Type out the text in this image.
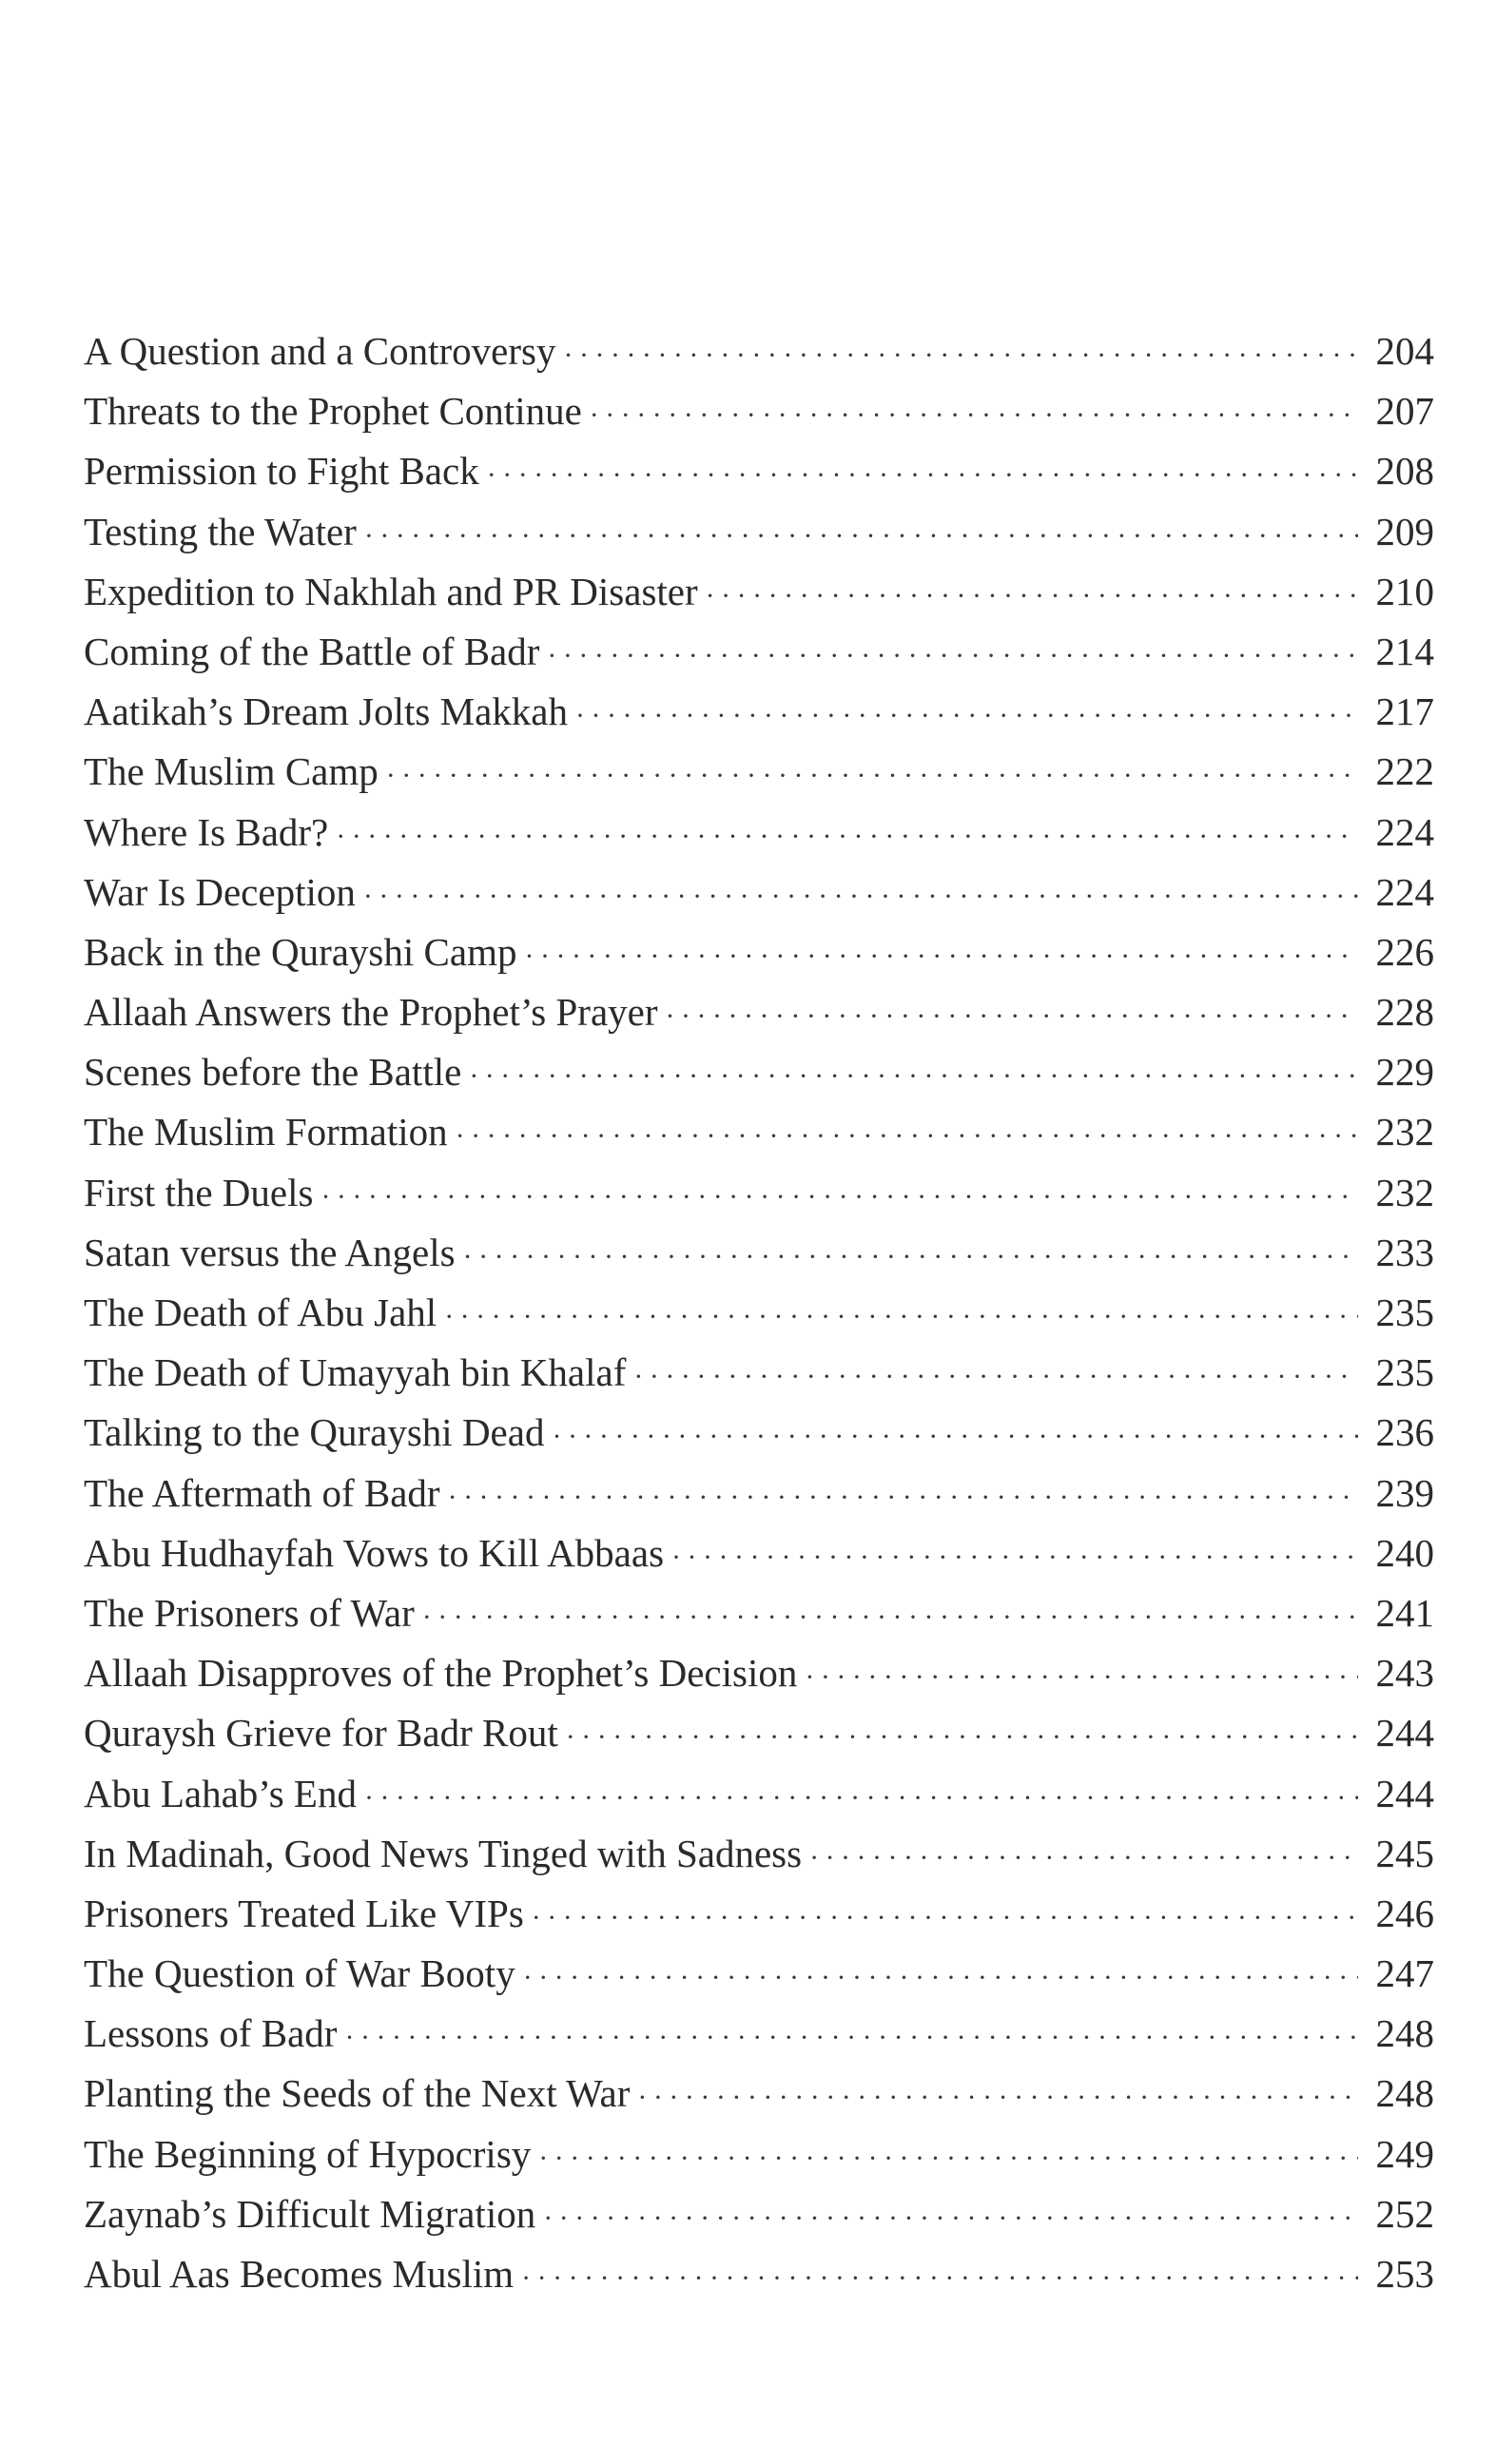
A Question and a Controversy ·····	204
Threats to the Prophet Continue ·····	207
Permission to Fight Back ·····	208
Testing the Water ·····	209
Expedition to Nakhlah and PR Disaster ·····	210
Coming of the Battle of Badr ·····	214
Aatikah’s Dream Jolts Makkah ·····	217
The Muslim Camp ·····	222
Where Is Badr? ·····	224
War Is Deception ·····	224
Back in the Qurayshi Camp ·····	226
Allaah Answers the Prophet’s Prayer ·····	228
Scenes before the Battle ·····	229
The Muslim Formation ·····	232
First the Duels ·····	232
Satan versus the Angels ·····	233
The Death of Abu Jahl ·····	235
The Death of Umayyah bin Khalaf ·····	235
Talking to the Qurayshi Dead ·····	236
The Aftermath of Badr ·····	239
Abu Hudhayfah Vows to Kill Abbaas ·····	240
The Prisoners of War ·····	241
Allaah Disapproves of the Prophet’s Decision ·····	243
Quraysh Grieve for Badr Rout ·····	244
Abu Lahab’s End ·····	244
In Madinah, Good News Tinged with Sadness ·····	245
Prisoners Treated Like VIPs ·····	246
The Question of War Booty ·····	247
Lessons of Badr ·····	248
Planting the Seeds of the Next War ·····	248
The Beginning of Hypocrisy ·····	249
Zaynab’s Difficult Migration ·····	252
Abul Aas Becomes Muslim ·····	253
